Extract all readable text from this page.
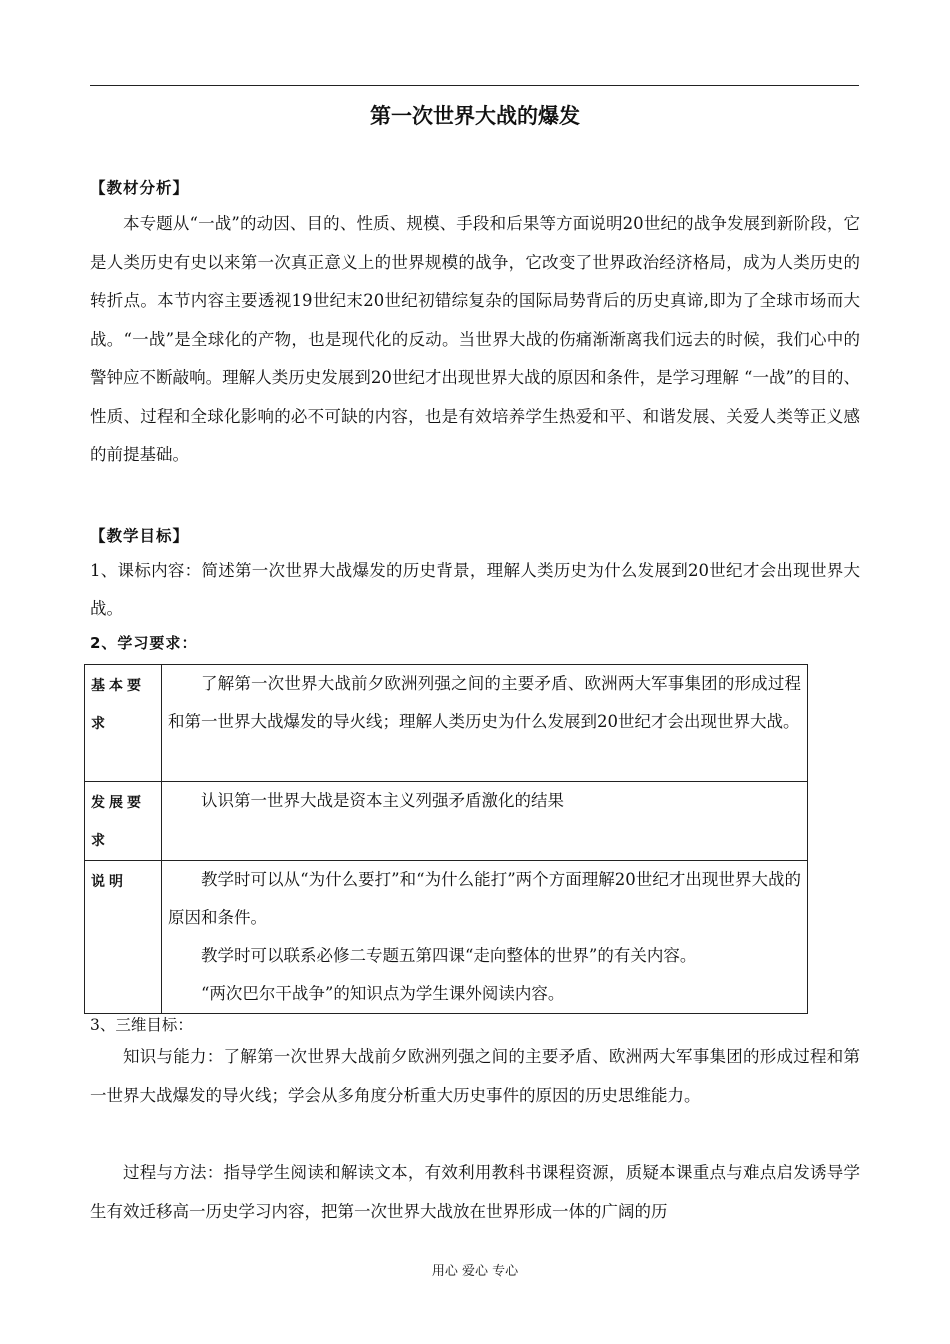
第一次世界大战的爆发
【教材分析】
本专题从“一战”的动因、目的、性质、规模、手段和后果等方面说明20世纪的战争发展到新阶段，它是人类历史有史以来第一次真正意义上的世界规模的战争，它改变了世界政治经济格局，成为人类历史的转折点。本节内容主要透视19世纪末20世纪初错综复杂的国际局势背后的历史真谛,即为了全球市场而大战。“一战”是全球化的产物，也是现代化的反动。当世界大战的伤痛渐渐离我们远去的时候，我们心中的警钟应不断敲响。理解人类历史发展到20世纪才出现世界大战的原因和条件，是学习理解 “一战”的目的、性质、过程和全球化影响的必不可缺的内容，也是有效培养学生热爱和平、和谐发展、关爱人类等正义感的前提基础。
【教学目标】
1、课标内容：简述第一次世界大战爆发的历史背景，理解人类历史为什么发展到20世纪才会出现世界大战。
2、学习要求：
基本要求	了解第一次世界大战前夕欧洲列强之间的主要矛盾、欧洲两大军事集团的形成过程和第一世界大战爆发的导火线；理解人类历史为什么发展到20世纪才会出现世界大战。

发展要求	认识第一世界大战是资本主义列强矛盾激化的结果

说明	教学时可以从“为什么要打”和“为什么能打”两个方面理解20世纪才出现世界大战的原因和条件。

教学时可以联系必修二专题五第四课“走向整体的世界”的有关内容。

“两次巴尔干战争”的知识点为学生课外阅读内容。

3、三维目标：
知识与能力：了解第一次世界大战前夕欧洲列强之间的主要矛盾、欧洲两大军事集团的形成过程和第一世界大战爆发的导火线；学会从多角度分析重大历史事件的原因的历史思维能力。
过程与方法：指导学生阅读和解读文本，有效利用教科书课程资源，质疑本课重点与难点启发诱导学生有效迁移高一历史学习内容，把第一次世界大战放在世界形成一体的广阔的历
用心 爱心 专心
